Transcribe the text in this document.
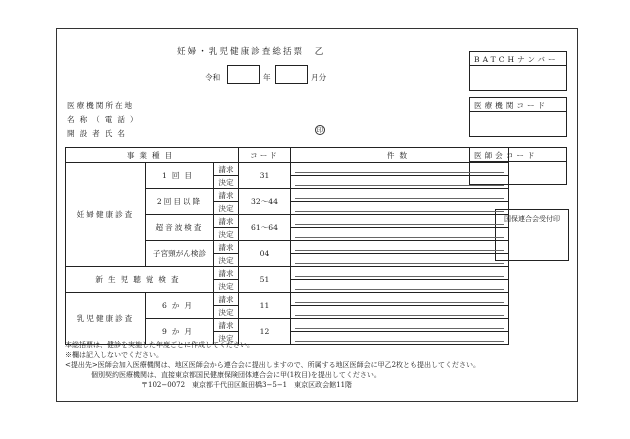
妊婦・乳児健康診査総括票　乙
令和	年	月分
医療機関所在地
名称（電話）
開設者氏名	印
BATCHナンバー
医療機関コード
医師会コード
国保連合会受付印
事業種目			コード	件数
妊婦健康診査	1回目	請求	31	

		決定		

	2回目以降	請求	32〜44	

		決定		

	超音波検査	請求	61〜64	

		決定		

	子宮頸がん検診	請求	04	

		決定		

新生児聴覚検査		請求	51	

		決定		

乳児健康診査	6か月	請求	11	

		決定		

	9か月	請求	12	

		決定		
本総括票は、健診を実施した年度ごとに作成してください。
※欄は記入しないでください。
<提出先>医師会加入医療機関は、地区医師会から連合会に提出しますので、所属する地区医師会に甲乙2枚とも提出してください。
個別契約医療機関は、直接東京都国民健康保険団体連合会に甲(1枚目)を提出してください。
〒102−0072　東京都千代田区飯田橋3−5−1　東京区政会館11階
